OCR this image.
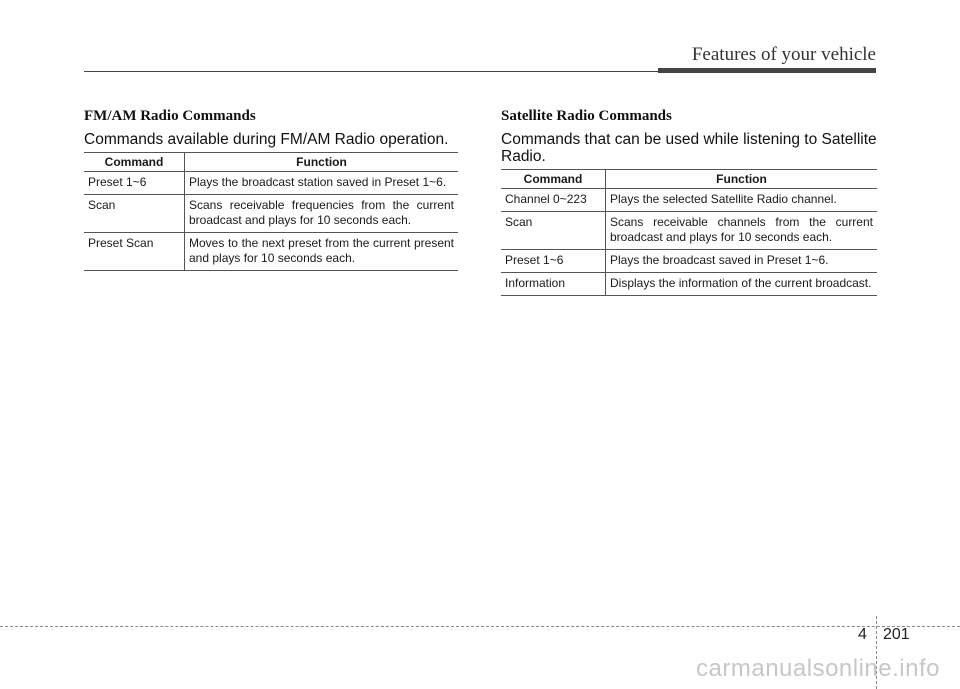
Features of your vehicle
FM/AM Radio Commands
Commands available during FM/AM Radio operation.
Command	Function
Preset 1~6	Plays the broadcast station saved in Preset 1~6.
Scan	Scans receivable frequencies from the current broadcast and plays for 10 seconds each.
Preset Scan	Moves to the next preset from the current present and plays for 10 seconds each.
Satellite Radio Commands
Commands that can be used while listening to Satellite Radio.
Command	Function
Channel 0~223	Plays the selected Satellite Radio channel.
Scan	Scans receivable channels from the current broadcast and plays for 10 seconds each.
Preset 1~6	Plays the broadcast saved in Preset 1~6.
Information	Displays the information of the current broadcast.
4 201
carmanualsonline.info
